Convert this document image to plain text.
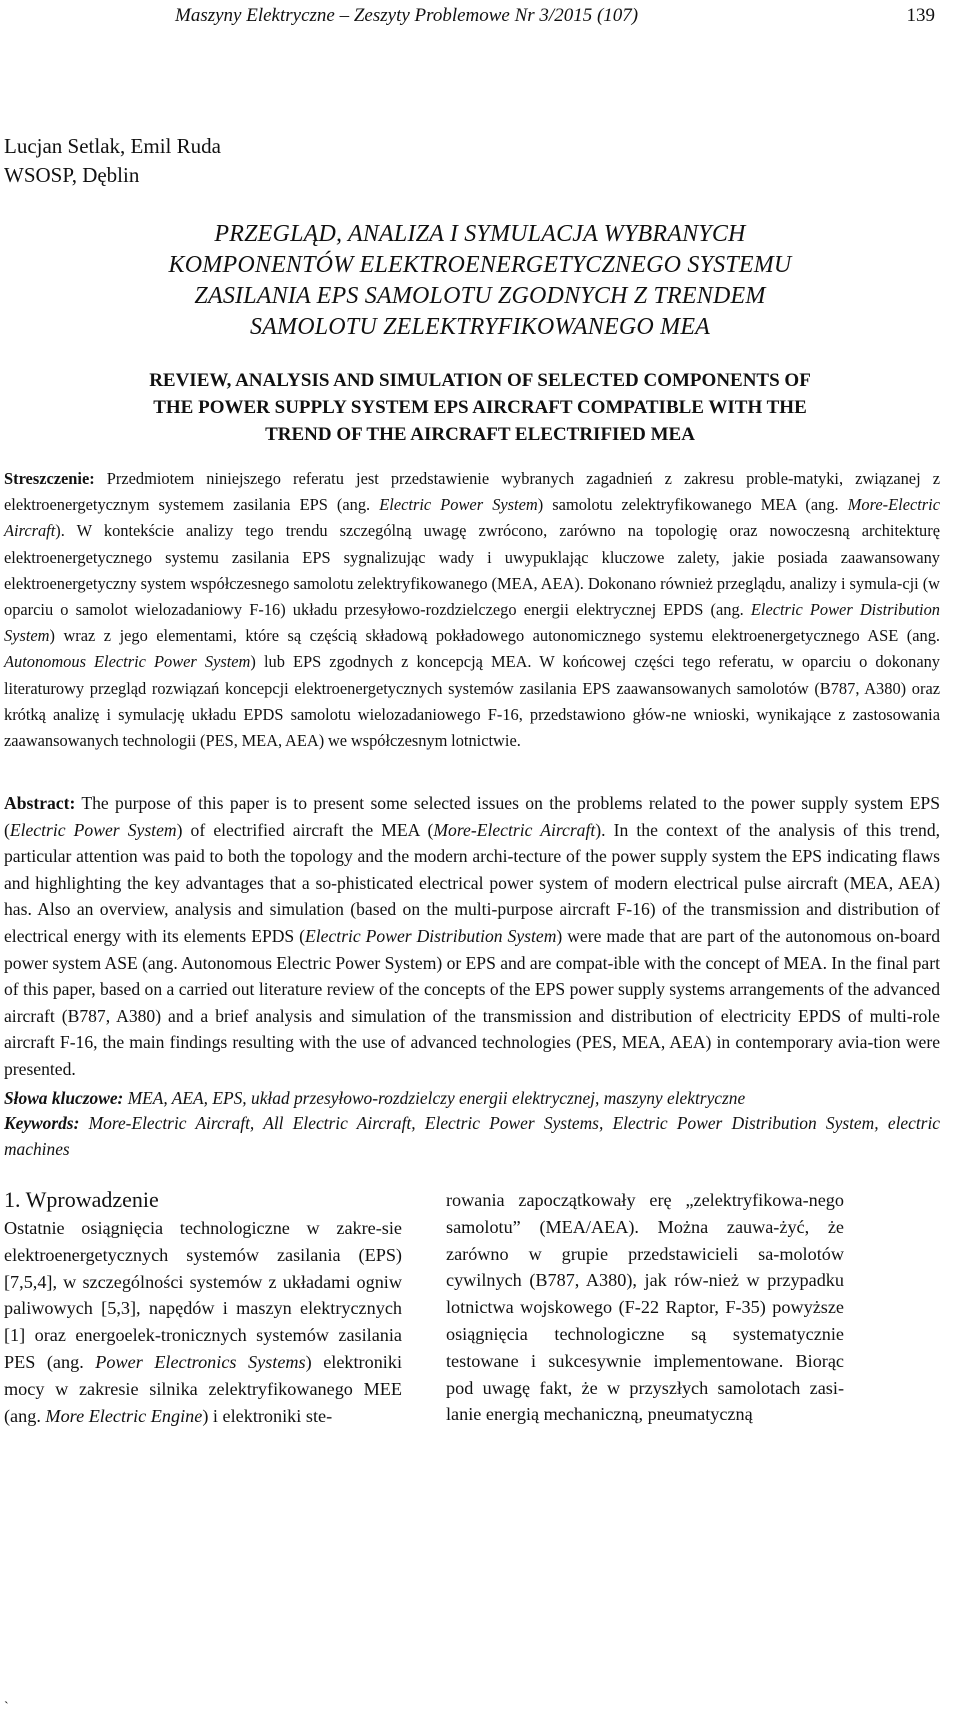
Maszyny Elektryczne – Zeszyty Problemowe Nr 3/2015 (107)	139
Lucjan Setlak, Emil Ruda
WSOSP, Dęblin
PRZEGLĄD, ANALIZA I SYMULACJA WYBRANYCH
KOMPONENTÓW ELEKTROENERGETYCZNEGO SYSTEMU
ZASILANIA EPS SAMOLOTU ZGODNYCH Z TRENDEM
SAMOLOTU ZELEKTRYFIKOWANEGO MEA
REVIEW, ANALYSIS AND SIMULATION OF SELECTED COMPONENTS OF
THE POWER SUPPLY SYSTEM EPS AIRCRAFT COMPATIBLE WITH THE
TREND OF THE AIRCRAFT ELECTRIFIED MEA
Streszczenie: Przedmiotem niniejszego referatu jest przedstawienie wybranych zagadnień z zakresu proble-matyki, związanej z elektroenergetycznym systemem zasilania EPS (ang. Electric Power System) samolotu zelektryfikowanego MEA (ang. More-Electric Aircraft). W kontekście analizy tego trendu szczególną uwagę zwrócono, zarówno na topologię oraz nowoczesną architekturę elektroenergetycznego systemu zasilania EPS sygnalizując wady i uwypuklając kluczowe zalety, jakie posiada zaawansowany elektroenergetyczny system współczesnego samolotu zelektryfikowanego (MEA, AEA). Dokonano również przeglądu, analizy i symula-cji (w oparciu o samolot wielozadaniowy F-16) układu przesyłowo-rozdzielczego energii elektrycznej EPDS (ang. Electric Power Distribution System) wraz z jego elementami, które są częścią składową pokładowego autonomicznego systemu elektroenergetycznego ASE (ang. Autonomous Electric Power System) lub EPS zgodnych z koncepcją MEA. W końcowej części tego referatu, w oparciu o dokonany literaturowy przegląd rozwiązań koncepcji elektroenergetycznych systemów zasilania EPS zaawansowanych samolotów (B787, A380) oraz krótką analizę i symulację układu EPDS samolotu wielozadaniowego F-16, przedstawiono głów-ne wnioski, wynikające z zastosowania zaawansowanych technologii (PES, MEA, AEA) we współczesnym lotnictwie.
Abstract: The purpose of this paper is to present some selected issues on the problems related to the power supply system EPS (Electric Power System) of electrified aircraft the MEA (More-Electric Aircraft). In the context of the analysis of this trend, particular attention was paid to both the topology and the modern archi-tecture of the power supply system the EPS indicating flaws and highlighting the key advantages that a so-phisticated electrical power system of modern electrical pulse aircraft (MEA, AEA) has. Also an overview, analysis and simulation (based on the multi-purpose aircraft F-16) of the transmission and distribution of electrical energy with its elements EPDS (Electric Power Distribution System) were made that are part of the autonomous on-board power system ASE (ang. Autonomous Electric Power System) or EPS and are compat-ible with the concept of MEA. In the final part of this paper, based on a carried out literature review of the concepts of the EPS power supply systems arrangements of the advanced aircraft (B787, A380) and a brief analysis and simulation of the transmission and distribution of electricity EPDS of multi-role aircraft F-16, the main findings resulting with the use of advanced technologies (PES, MEA, AEA) in contemporary avia-tion were presented.
Słowa kluczowe: MEA, AEA, EPS, układ przesyłowo-rozdzielczy energii elektrycznej, maszyny elektryczne
Keywords: More-Electric Aircraft, All Electric Aircraft, Electric Power Systems, Electric Power Distribution System, electric machines
1. Wprowadzenie
Ostatnie osiągnięcia technologiczne w zakre-sie elektroenergetycznych systemów zasilania (EPS) [7,5,4], w szczególności systemów z układami ogniw paliwowych [5,3], napędów i maszyn elektrycznych [1] oraz energoelek-tronicznych systemów zasilania PES (ang. Power Electronics Systems) elektroniki mocy w zakresie silnika zelektryfikowanego MEE (ang. More Electric Engine) i elektroniki ste-
rowania zapoczątkowały erę „zelektryfikowa-nego samolotu” (MEA/AEA). Można zauwa-żyć, że zarówno w grupie przedstawicieli sa-molotów cywilnych (B787, A380), jak rów-nież w przypadku lotnictwa wojskowego (F-22 Raptor, F-35) powyższe osiągnięcia technologiczne są systematycznie testowane i sukcesywnie implementowane. Biorąc pod uwagę fakt, że w przyszłych samolotach zasi-lanie energią mechaniczną, pneumatyczną
`
